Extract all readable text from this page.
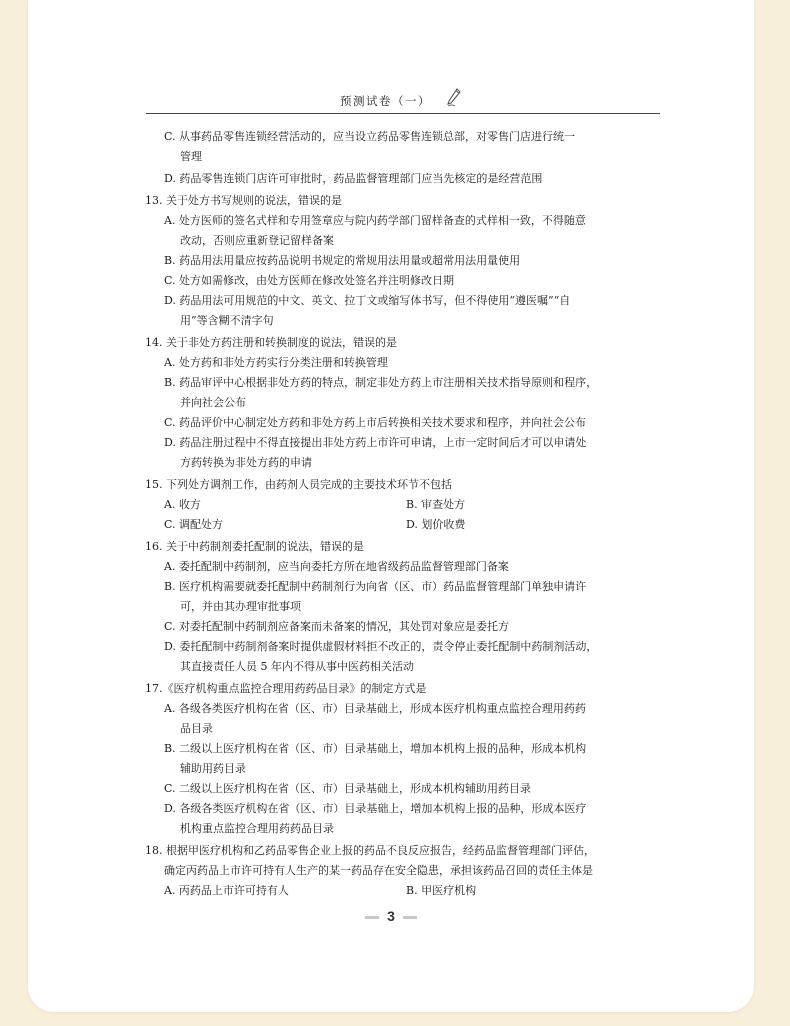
预测试卷（一）
C. 从事药品零售连锁经营活动的，应当设立药品零售连锁总部，对零售门店进行统一
管理
D. 药品零售连锁门店许可审批时，药品监督管理部门应当先核定的是经营范围
13. 关于处方书写规则的说法，错误的是
A. 处方医师的签名式样和专用签章应与院内药学部门留样备查的式样相一致，不得随意
改动，否则应重新登记留样备案
B. 药品用法用量应按药品说明书规定的常规用法用量或超常用法用量使用
C. 处方如需修改，由处方医师在修改处签名并注明修改日期
D. 药品用法可用规范的中文、英文、拉丁文或缩写体书写，但不得使用“遵医嘱”“自
用”等含糊不清字句
14. 关于非处方药注册和转换制度的说法，错误的是
A. 处方药和非处方药实行分类注册和转换管理
B. 药品审评中心根据非处方药的特点，制定非处方药上市注册相关技术指导原则和程序，
并向社会公布
C. 药品评价中心制定处方药和非处方药上市后转换相关技术要求和程序，并向社会公布
D. 药品注册过程中不得直接提出非处方药上市许可申请，上市一定时间后才可以申请处
方药转换为非处方药的申请
15. 下列处方调剂工作，由药剂人员完成的主要技术环节不包括
A. 收方	B. 审查处方
C. 调配处方	D. 划价收费
16. 关于中药制剂委托配制的说法，错误的是
A. 委托配制中药制剂，应当向委托方所在地省级药品监督管理部门备案
B. 医疗机构需要就委托配制中药制剂行为向省（区、市）药品监督管理部门单独申请许
可，并由其办理审批事项
C. 对委托配制中药制剂应备案而未备案的情况，其处罚对象应是委托方
D. 委托配制中药制剂备案时提供虚假材料拒不改正的，责令停止委托配制中药制剂活动，
其直接责任人员 5 年内不得从事中医药相关活动
17.《医疗机构重点监控合理用药药品目录》的制定方式是
A. 各级各类医疗机构在省（区、市）目录基础上，形成本医疗机构重点监控合理用药药
品目录
B. 二级以上医疗机构在省（区、市）目录基础上，增加本机构上报的品种，形成本机构
辅助用药目录
C. 二级以上医疗机构在省（区、市）目录基础上，形成本机构辅助用药目录
D. 各级各类医疗机构在省（区、市）目录基础上，增加本机构上报的品种，形成本医疗
机构重点监控合理用药药品目录
18. 根据甲医疗机构和乙药品零售企业上报的药品不良反应报告，经药品监督管理部门评估，
确定丙药品上市许可持有人生产的某一药品存在安全隐患，承担该药品召回的责任主体是
A. 丙药品上市许可持有人	B. 甲医疗机构
3
